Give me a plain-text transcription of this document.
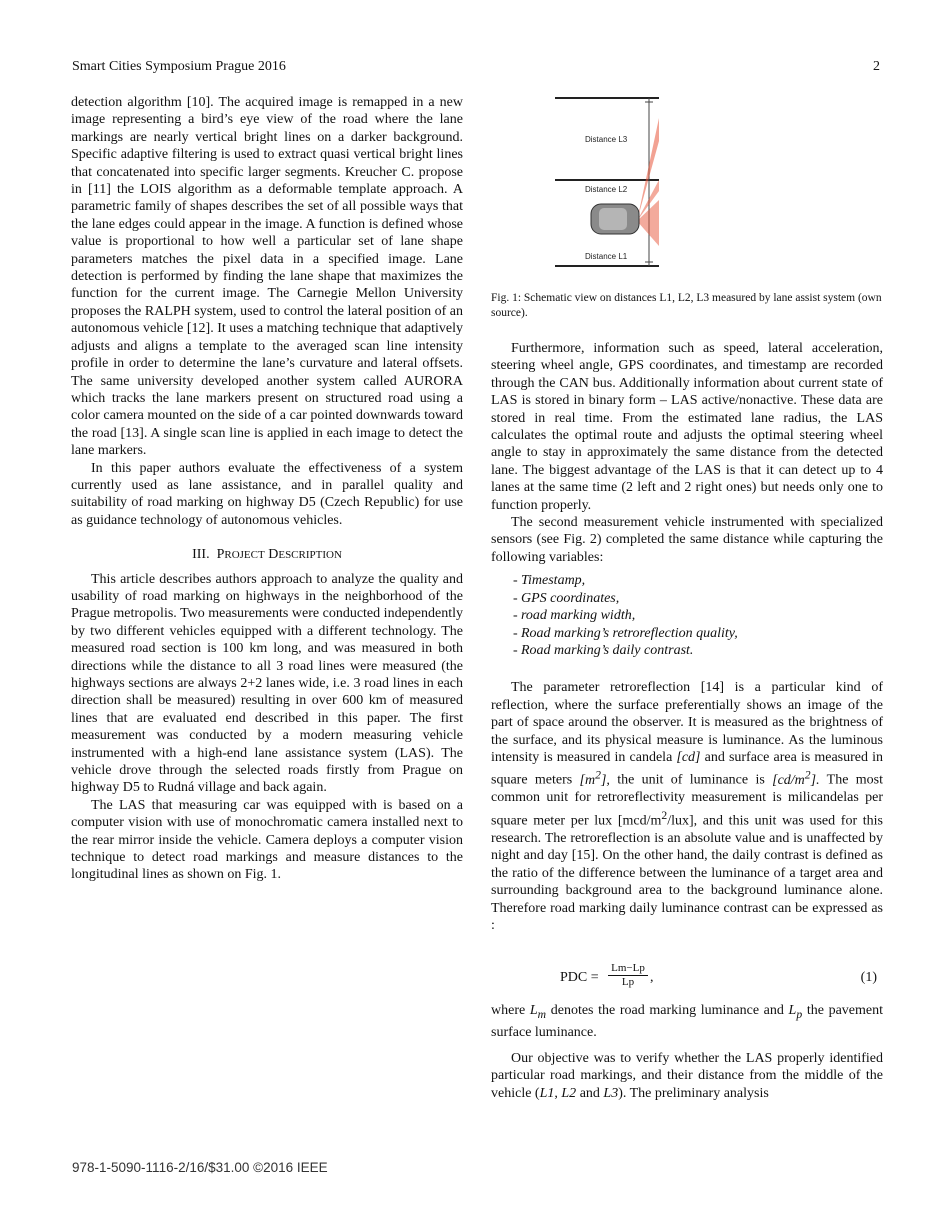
Smart Cities Symposium Prague 2016	2

detection algorithm [10]. The acquired image is remapped in a new image representing a bird’s eye view of the road where the lane markings are nearly vertical bright lines on a darker background. Specific adaptive filtering is used to extract quasi vertical bright lines that concatenated into specific larger segments. Kreucher C. propose in [11] the LOIS algorithm as a deformable template approach. A parametric family of shapes describes the set of all possible ways that the lane edges could appear in the image. A function is defined whose value is proportional to how well a particular set of lane shape parameters matches the pixel data in a specified image. Lane detection is performed by finding the lane shape that maximizes the function for the current image. The Carnegie Mellon University proposes the RALPH system, used to control the lateral position of an autonomous vehicle [12]. It uses a matching technique that adaptively adjusts and aligns a template to the averaged scan line intensity profile in order to determine the lane’s curvature and lateral offsets. The same university developed another system called AURORA which tracks the lane markers present on structured road using a color camera mounted on the side of a car pointed downwards toward the road [13]. A single scan line is applied in each image to detect the lane markers.

In this paper authors evaluate the effectiveness of a system currently used as lane assistance, and in parallel quality and suitability of road marking on highway D5 (Czech Republic) for use as guidance technology of autonomous vehicles.

III. PROJECT DESCRIPTION

This article describes authors approach to analyze the quality and usability of road marking on highways in the neighborhood of the Prague metropolis. Two measurements were conducted independently by two different vehicles equipped with a different technology. The measured road section is 100 km long, and was measured in both directions while the distance to all 3 road lines were measured (the highways sections are always 2+2 lanes wide, i.e. 3 road lines in each direction shall be measured) resulting in over 600 km of measured lines that are evaluated end described in this paper. The first measurement was conducted by a modern measuring vehicle instrumented with a high-end lane assistance system (LAS). The vehicle drove through the selected roads firstly from Prague on highway D5 to Rudná village and back again.

The LAS that measuring car was equipped with is based on a computer vision with use of monochromatic camera installed next to the rear mirror inside the vehicle. Camera deploys a computer vision technique to detect road markings and measure distances to the longitudinal lines as shown on Fig. 1.

Distance L3
Distance L2
Distance L1
Fig. 1: Schematic view on distances L1, L2, L3 measured by lane assist system (own source).

Furthermore, information such as speed, lateral acceleration, steering wheel angle, GPS coordinates, and timestamp are recorded through the CAN bus. Additionally information about current state of LAS is stored in binary form – LAS active/nonactive. These data are stored in real time. From the estimated lane radius, the LAS calculates the optimal route and adjusts the optimal steering wheel angle to stay in approximately the same distance from the detected lane. The biggest advantage of the LAS is that it can detect up to 4 lanes at the same time (2 left and 2 right ones) but needs only one to function properly.

The second measurement vehicle instrumented with specialized sensors (see Fig. 2) completed the same distance while capturing the following variables:

- Timestamp,
- GPS coordinates,
- road marking width,
- Road marking’s retroreflection quality,
- Road marking’s daily contrast.

The parameter retroreflection [14] is a particular kind of reflection, where the surface preferentially shows an image of the part of space around the observer. It is measured as the brightness of the surface, and its physical measure is luminance. As the luminous intensity is measured in candela [cd] and surface area is measured in square meters $[m^2]$, the unit of luminance is $[cd/m^2]$. The most common unit for retroreflectivity measurement is milicandelas per square meter per lux $[mcd/m^2/lux]$, and this unit was used for this research. The retroreflection is an absolute value and is unaffected by night and day [15]. On the other hand, the daily contrast is defined as the ratio of the difference between the luminance of a target area and surrounding background area to the background luminance alone. Therefore road marking daily luminance contrast can be expressed as :

where $L_m$ denotes the road marking luminance and $L_p$ the pavement surface luminance.

Our objective was to verify whether the LAS properly identified particular road markings, and their distance from the middle of the vehicle (L1, L2 and L3). The preliminary analysis

PDC = $\frac{Lm-Lp}{Lp}$ ,	(1)
978-1-5090-1116-2/16/$31.00 ©2016 IEEE
